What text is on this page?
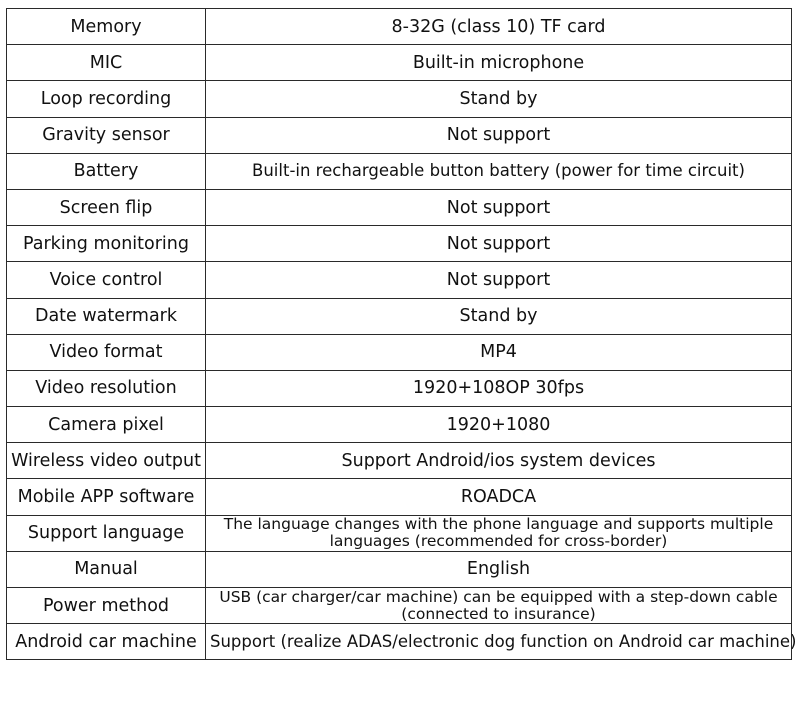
Memory	8-32G (class 10) TF card
MIC	Built-in microphone
Loop recording	Stand by
Gravity sensor	Not support
Battery	Built-in rechargeable button battery (power for time circuit)
Screen flip	Not support
Parking monitoring	Not support
Voice control	Not support
Date watermark	Stand by
Video format	MP4
Video resolution	1920+108OP 30fps
Camera pixel	1920+1080
Wireless video output	Support Android/ios system devices
Mobile APP software	ROADCA
Support language	The language changes with the phone language and supports multiple languages (recommended for cross-border)
Manual	English
Power method	USB (car charger/car machine) can be equipped with a step-down cable (connected to insurance)
Android car machine	Support (realize ADAS/electronic dog function on Android car machine)
